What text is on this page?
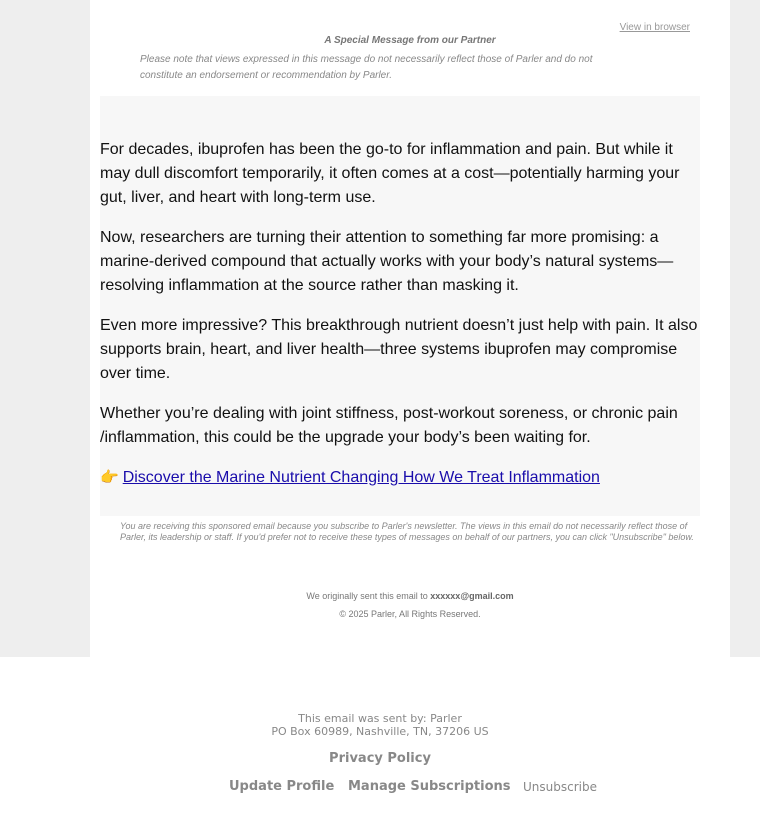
View in browser
A Special Message from our Partner
Please note that views expressed in this message do not necessarily reflect those of Parler and do not
constitute an endorsement or recommendation by Parler.

For decades, ibuprofen has been the go-to for inflammation and pain. But while it may dull discomfort temporarily, it often comes at a cost—potentially harming your gut, liver, and heart with long-term use.

Now, researchers are turning their attention to something far more promising: a marine-derived compound that actually works with your body’s natural systems—resolving inflammation at the source rather than masking it.

Even more impressive? This breakthrough nutrient doesn’t just help with pain. It also supports brain, heart, and liver health—three systems ibuprofen may compromise over time.

Whether you’re dealing with joint stiffness, post-workout soreness, or chronic pain /inflammation, this could be the upgrade your body’s been waiting for.

👉 Discover the Marine Nutrient Changing How We Treat Inflammation
You are receiving this sponsored email because you subscribe to Parler's newsletter. The views in this email do not necessarily reflect those of Parler, its leadership or staff. If you'd prefer not to receive these types of messages on behalf of our partners, you can click "Unsubscribe" below.
We originally sent this email to xxxxxx@gmail.com
© 2025 Parler, All Rights Reserved.
This email was sent by: Parler
PO Box 60989, Nashville, TN, 37206 US
Privacy Policy
Update Profile Manage Subscriptions Unsubscribe
